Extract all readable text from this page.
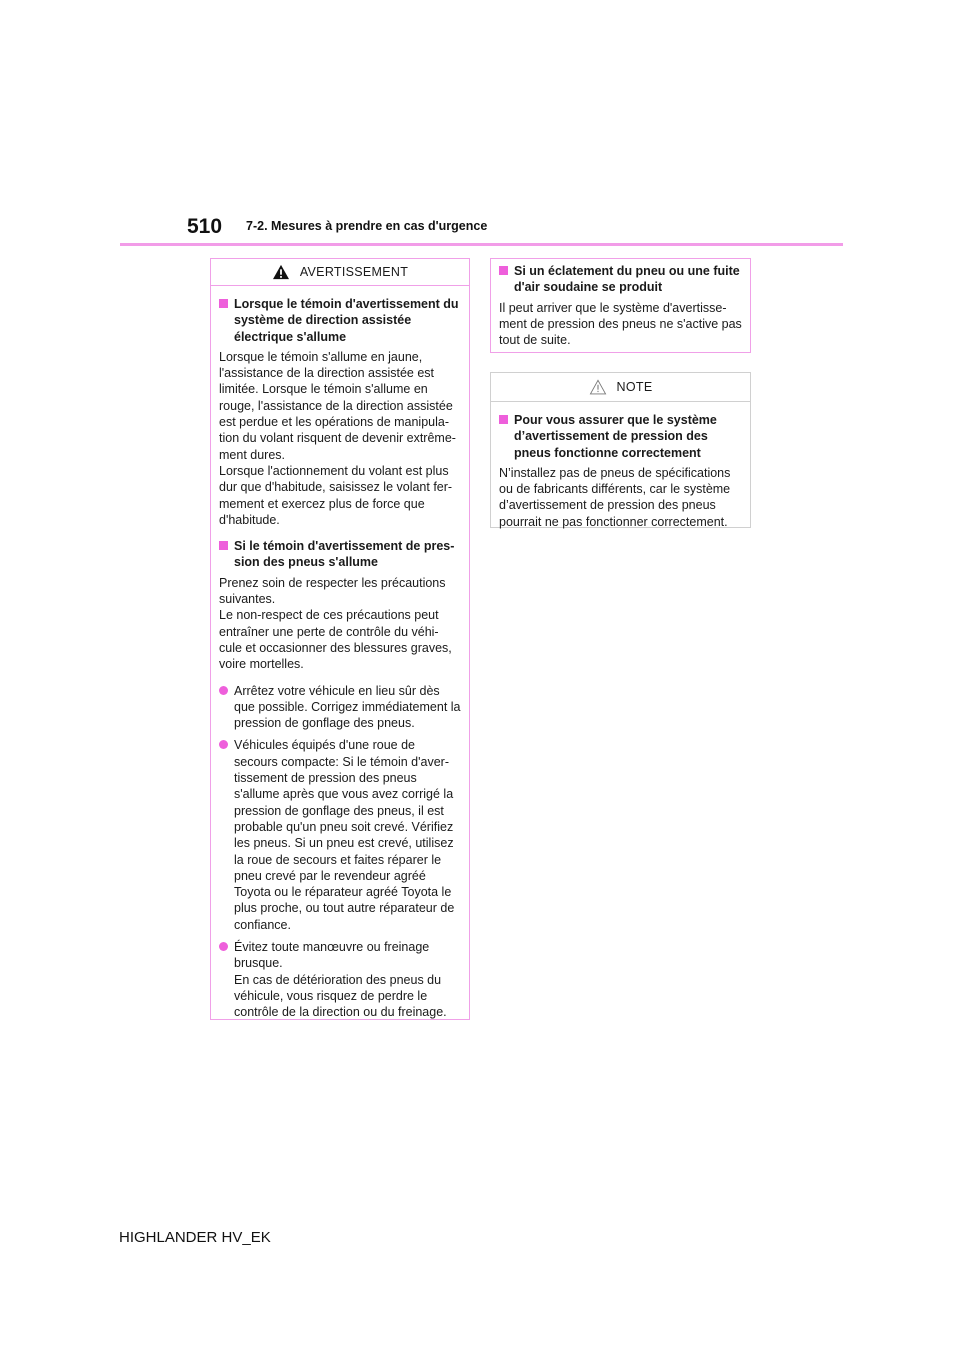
510 7-2. Mesures à prendre en cas d'urgence
AVERTISSEMENT
Lorsque le témoin d'avertissement du système de direction assistée électrique s'allume

Lorsque le témoin s'allume en jaune, l'assistance de la direction assistée est limitée. Lorsque le témoin s'allume en rouge, l'assistance de la direction assistée est perdue et les opérations de manipula-tion du volant risquent de devenir extrême-ment dures.

Lorsque l'actionnement du volant est plus dur que d'habitude, saisissez le volant fer-mement et exercez plus de force que d'habitude.

Si le témoin d'avertissement de pres-sion des pneus s'allume

Prenez soin de respecter les précautions suivantes.

Le non-respect de ces précautions peut entraîner une perte de contrôle du véhi-cule et occasionner des blessures graves, voire mortelles.

Arrêtez votre véhicule en lieu sûr dès que possible. Corrigez immédiatement la pression de gonflage des pneus.
Véhicules équipés d'une roue de secours compacte: Si le témoin d'aver-tissement de pression des pneus s'allume après que vous avez corrigé la pression de gonflage des pneus, il est probable qu'un pneu soit crevé. Vérifiez les pneus. Si un pneu est crevé, utilisez la roue de secours et faites réparer le pneu crevé par le revendeur agréé Toyota ou le réparateur agréé Toyota le plus proche, ou tout autre réparateur de confiance.
Évitez toute manœuvre ou freinage brusque.
En cas de détérioration des pneus du véhicule, vous risquez de perdre le contrôle de la direction ou du freinage.
Si un éclatement du pneu ou une fuite d'air soudaine se produit

Il peut arriver que le système d'avertisse-ment de pression des pneus ne s'active pas tout de suite.

NOTE
Pour vous assurer que le système d’avertissement de pression des pneus fonctionne correctement

N’installez pas de pneus de spécifications ou de fabricants différents, car le système d’avertissement de pression des pneus pourrait ne pas fonctionner correctement.

HIGHLANDER HV_EK
